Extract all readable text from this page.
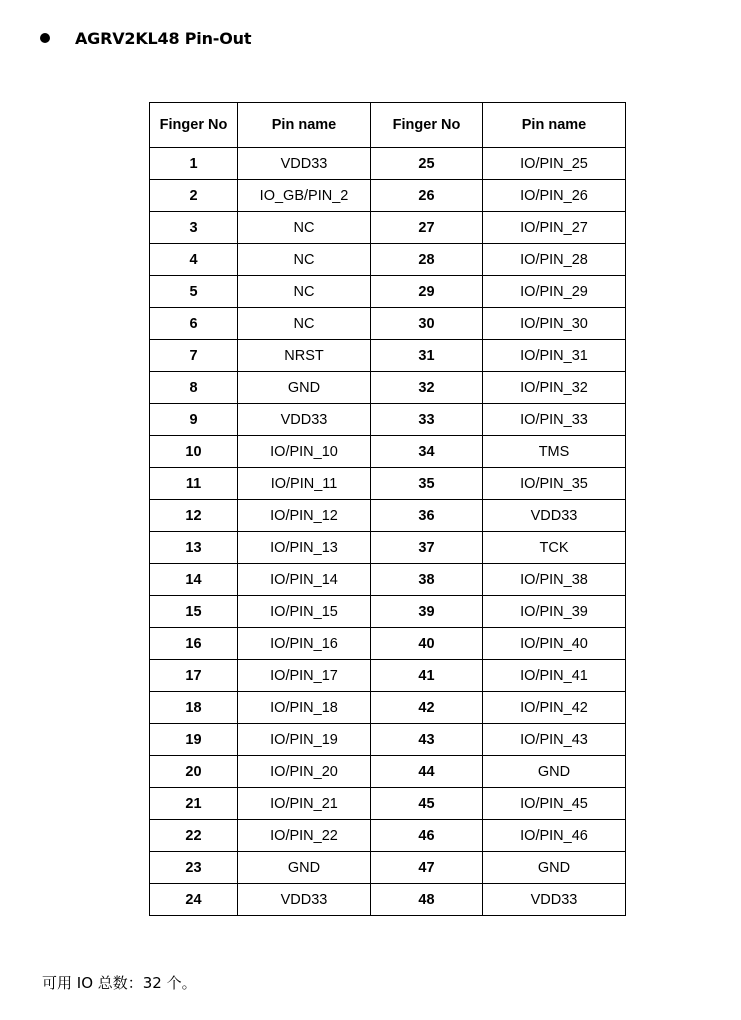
AGRV2KL48 Pin-Out
Finger No	Pin name	Finger No	Pin name
1	VDD33	25	IO/PIN_25
2	IO_GB/PIN_2	26	IO/PIN_26
3	NC	27	IO/PIN_27
4	NC	28	IO/PIN_28
5	NC	29	IO/PIN_29
6	NC	30	IO/PIN_30
7	NRST	31	IO/PIN_31
8	GND	32	IO/PIN_32
9	VDD33	33	IO/PIN_33
10	IO/PIN_10	34	TMS
11	IO/PIN_11	35	IO/PIN_35
12	IO/PIN_12	36	VDD33
13	IO/PIN_13	37	TCK
14	IO/PIN_14	38	IO/PIN_38
15	IO/PIN_15	39	IO/PIN_39
16	IO/PIN_16	40	IO/PIN_40
17	IO/PIN_17	41	IO/PIN_41
18	IO/PIN_18	42	IO/PIN_42
19	IO/PIN_19	43	IO/PIN_43
20	IO/PIN_20	44	GND
21	IO/PIN_21	45	IO/PIN_45
22	IO/PIN_22	46	IO/PIN_46
23	GND	47	GND
24	VDD33	48	VDD33
可用 IO 总数：32 个。
